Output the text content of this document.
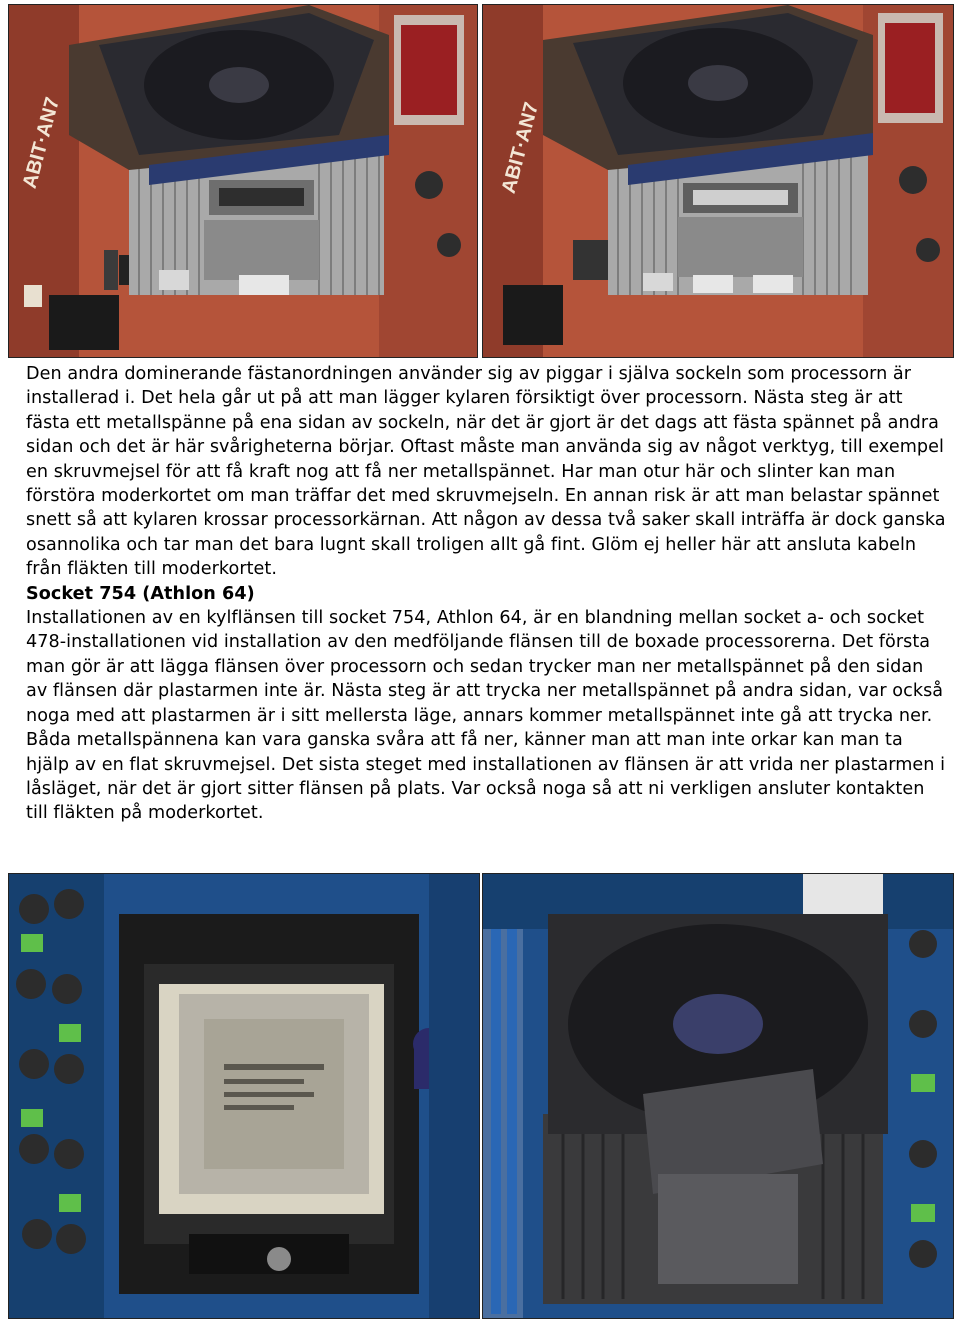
ABIT·AN7	ABIT·AN7

Den andra dominerande fästanordningen använder sig av piggar i själva sockeln som processorn är installerad i. Det hela går ut på att man lägger kylaren försiktigt över processorn. Nästa steg är att fästa ett metallspänne på ena sidan av sockeln, när det är gjort är det dags att fästa spännet på andra sidan och det är här svårigheterna börjar. Oftast måste man använda sig av något verktyg, till exempel en skruvmejsel för att få kraft nog att få ner metallspännet. Har man otur här och slinter kan man förstöra moderkortet om man träffar det med skruvmejseln. En annan risk är att man belastar spännet snett så att kylaren krossar processorkärnan. Att någon av dessa två saker skall inträffa är dock ganska osannolika och tar man det bara lugnt skall troligen allt gå fint. Glöm ej heller här att ansluta kabeln från fläkten till moderkortet.

Socket 754 (Athlon 64)

Installationen av en kylflänsen till socket 754, Athlon 64, är en blandning mellan socket a- och socket 478-installationen vid installation av den medföljande flänsen till de boxade processorerna. Det första man gör är att lägga flänsen över processorn och sedan trycker man ner metallspännet på den sidan av flänsen där plastarmen inte är. Nästa steg är att trycka ner metallspännet på andra sidan, var också noga med att plastarmen är i sitt mellersta läge, annars kommer metallspännet inte gå att trycka ner. Båda metallspännena kan vara ganska svåra att få ner, känner man att man inte orkar kan man ta hjälp av en flat skruvmejsel. Det sista steget med installationen av flänsen är att vrida ner plastarmen i låsläget, när det är gjort sitter flänsen på plats. Var också noga så att ni verkligen ansluter kontakten till fläkten på moderkortet.
